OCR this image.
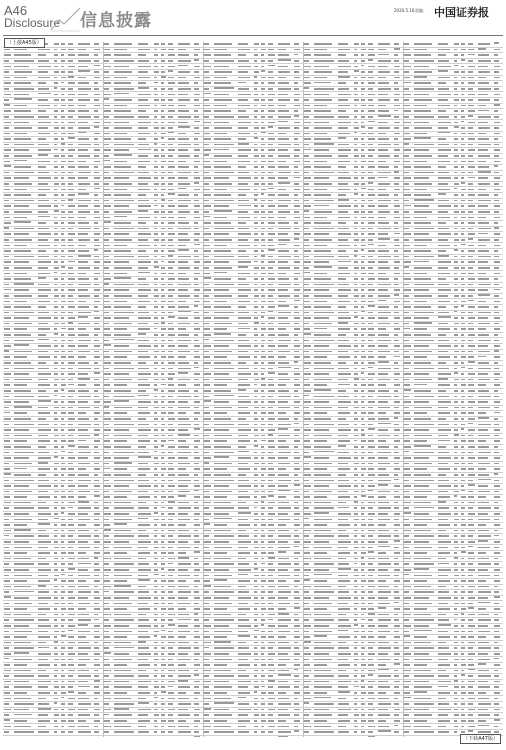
A46
Disclosure 信息披露
2020.5.16 责编： 中国证券报
（上接A45版）
（下转A47版）
